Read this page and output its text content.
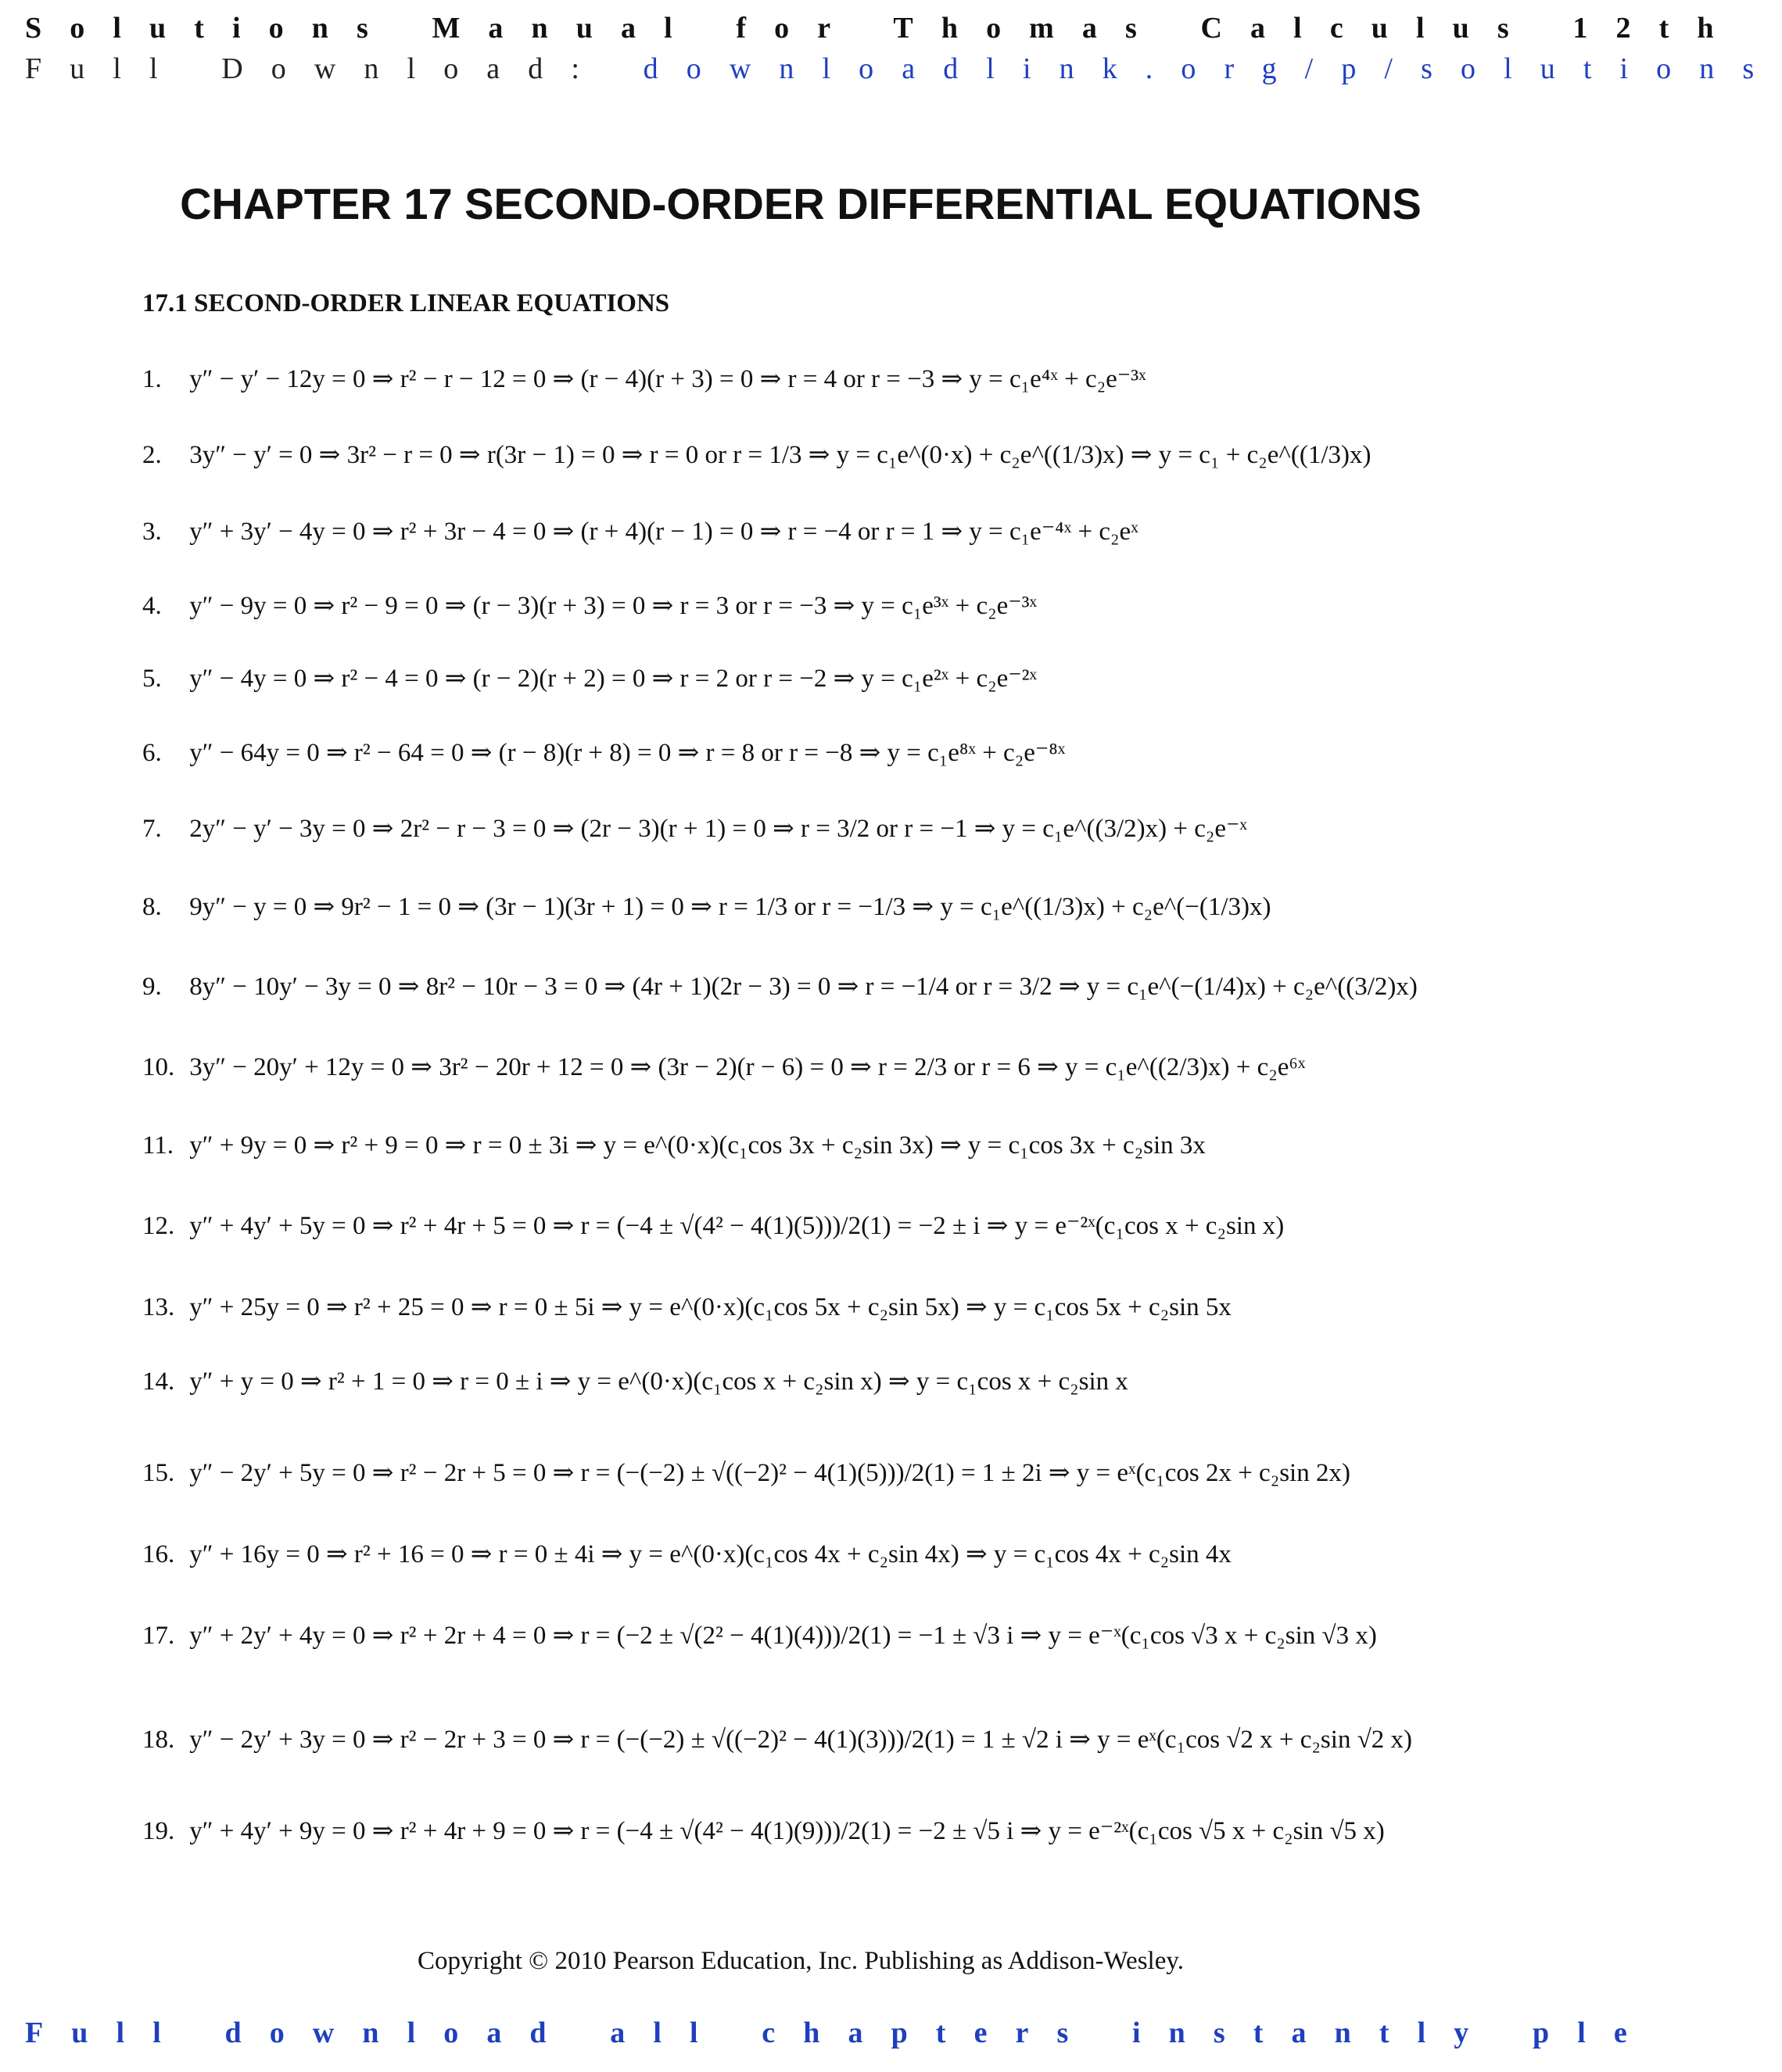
Solutions Manual for Thomas Calculus 12th
Full Download: downloadlink.org/p/solutions
CHAPTER 17 SECOND-ORDER DIFFERENTIAL EQUATIONS
17.1 SECOND-ORDER LINEAR EQUATIONS
1. y″ − y′ − 12y = 0 ⇒ r² − r − 12 = 0 ⇒ (r − 4)(r + 3) = 0 ⇒ r = 4 or r = −3 ⇒ y = c₁e⁴ˣ + c₂e⁻³ˣ
2. 3y″ − y′ = 0 ⇒ 3r² − r = 0 ⇒ r(3r − 1) = 0 ⇒ r = 0 or r = 1/3 ⇒ y = c₁e^(0·x) + c₂e^((1/3)x) ⇒ y = c₁ + c₂e^((1/3)x)
3. y″ + 3y′ − 4y = 0 ⇒ r² + 3r − 4 = 0 ⇒ (r + 4)(r − 1) = 0 ⇒ r = −4 or r = 1 ⇒ y = c₁e⁻⁴ˣ + c₂eˣ
4. y″ − 9y = 0 ⇒ r² − 9 = 0 ⇒ (r − 3)(r + 3) = 0 ⇒ r = 3 or r = −3 ⇒ y = c₁e³ˣ + c₂e⁻³ˣ
5. y″ − 4y = 0 ⇒ r² − 4 = 0 ⇒ (r − 2)(r + 2) = 0 ⇒ r = 2 or r = −2 ⇒ y = c₁e²ˣ + c₂e⁻²ˣ
6. y″ − 64y = 0 ⇒ r² − 64 = 0 ⇒ (r − 8)(r + 8) = 0 ⇒ r = 8 or r = −8 ⇒ y = c₁e⁸ˣ + c₂e⁻⁸ˣ
7. 2y″ − y′ − 3y = 0 ⇒ 2r² − r − 3 = 0 ⇒ (2r − 3)(r + 1) = 0 ⇒ r = 3/2 or r = −1 ⇒ y = c₁e^((3/2)x) + c₂e⁻ˣ
8. 9y″ − y = 0 ⇒ 9r² − 1 = 0 ⇒ (3r − 1)(3r + 1) = 0 ⇒ r = 1/3 or r = −1/3 ⇒ y = c₁e^((1/3)x) + c₂e^(−(1/3)x)
9. 8y″ − 10y′ − 3y = 0 ⇒ 8r² − 10r − 3 = 0 ⇒ (4r + 1)(2r − 3) = 0 ⇒ r = −1/4 or r = 3/2 ⇒ y = c₁e^(−(1/4)x) + c₂e^((3/2)x)
10. 3y″ − 20y′ + 12y = 0 ⇒ 3r² − 20r + 12 = 0 ⇒ (3r − 2)(r − 6) = 0 ⇒ r = 2/3 or r = 6 ⇒ y = c₁e^((2/3)x) + c₂e⁶ˣ
11. y″ + 9y = 0 ⇒ r² + 9 = 0 ⇒ r = 0 ± 3i ⇒ y = e^(0·x)(c₁cos 3x + c₂sin 3x) ⇒ y = c₁cos 3x + c₂sin 3x
12. y″ + 4y′ + 5y = 0 ⇒ r² + 4r + 5 = 0 ⇒ r = (−4 ± √(4² − 4(1)(5)))/2(1) = −2 ± i ⇒ y = e⁻²ˣ(c₁cos x + c₂sin x)
13. y″ + 25y = 0 ⇒ r² + 25 = 0 ⇒ r = 0 ± 5i ⇒ y = e^(0·x)(c₁cos 5x + c₂sin 5x) ⇒ y = c₁cos 5x + c₂sin 5x
14. y″ + y = 0 ⇒ r² + 1 = 0 ⇒ r = 0 ± i ⇒ y = e^(0·x)(c₁cos x + c₂sin x) ⇒ y = c₁cos x + c₂sin x
15. y″ − 2y′ + 5y = 0 ⇒ r² − 2r + 5 = 0 ⇒ r = (−(−2) ± √((−2)² − 4(1)(5)))/2(1) = 1 ± 2i ⇒ y = eˣ(c₁cos 2x + c₂sin 2x)
16. y″ + 16y = 0 ⇒ r² + 16 = 0 ⇒ r = 0 ± 4i ⇒ y = e^(0·x)(c₁cos 4x + c₂sin 4x) ⇒ y = c₁cos 4x + c₂sin 4x
17. y″ + 2y′ + 4y = 0 ⇒ r² + 2r + 4 = 0 ⇒ r = (−2 ± √(2² − 4(1)(4)))/2(1) = −1 ± √3 i ⇒ y = e⁻ˣ(c₁cos √3 x + c₂sin √3 x)
18. y″ − 2y′ + 3y = 0 ⇒ r² − 2r + 3 = 0 ⇒ r = (−(−2) ± √((−2)² − 4(1)(3)))/2(1) = 1 ± √2 i ⇒ y = eˣ(c₁cos √2 x + c₂sin √2 x)
19. y″ + 4y′ + 9y = 0 ⇒ r² + 4r + 9 = 0 ⇒ r = (−4 ± √(4² − 4(1)(9)))/2(1) = −2 ± √5 i ⇒ y = e⁻²ˣ(c₁cos √5 x + c₂sin √5 x)
Copyright © 2010 Pearson Education, Inc. Publishing as Addison-Wesley.
Full download all chapters instantly ple
